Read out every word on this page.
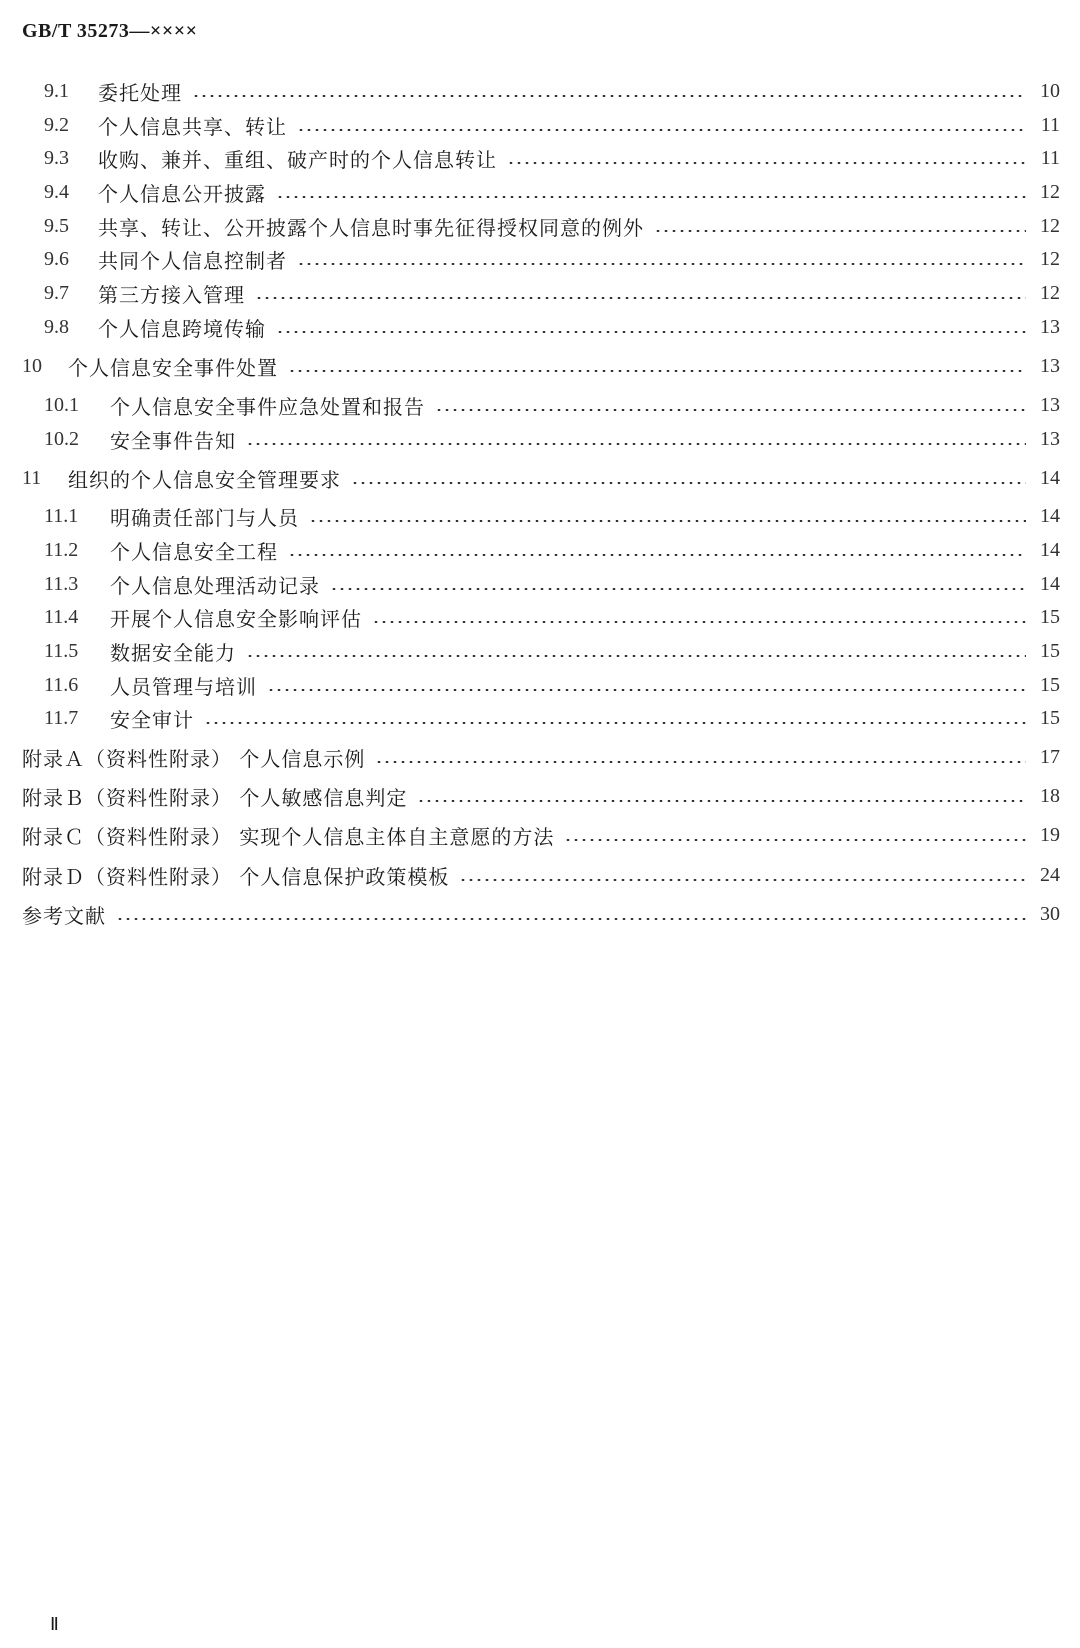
GB/T 35273—××××
9.1	委托处理	10
9.2	个人信息共享、转让	11
9.3	收购、兼并、重组、破产时的个人信息转让	11
9.4	个人信息公开披露	12
9.5	共享、转让、公开披露个人信息时事先征得授权同意的例外	12
9.6	共同个人信息控制者	12
9.7	第三方接入管理	12
9.8	个人信息跨境传输	13
10	个人信息安全事件处置	13
10.1	个人信息安全事件应急处置和报告	13
10.2	安全事件告知	13
11	组织的个人信息安全管理要求	14
11.1	明确责任部门与人员	14
11.2	个人信息安全工程	14
11.3	个人信息处理活动记录	14
11.4	开展个人信息安全影响评估	15
11.5	数据安全能力	15
11.6	人员管理与培训	15
11.7	安全审计	15
附录Ａ（资料性附录） 个人信息示例	17
附录Ｂ（资料性附录） 个人敏感信息判定	18
附录Ｃ（资料性附录） 实现个人信息主体自主意愿的方法	19
附录Ｄ（资料性附录） 个人信息保护政策模板	24
参考文献	30
Ⅱ
